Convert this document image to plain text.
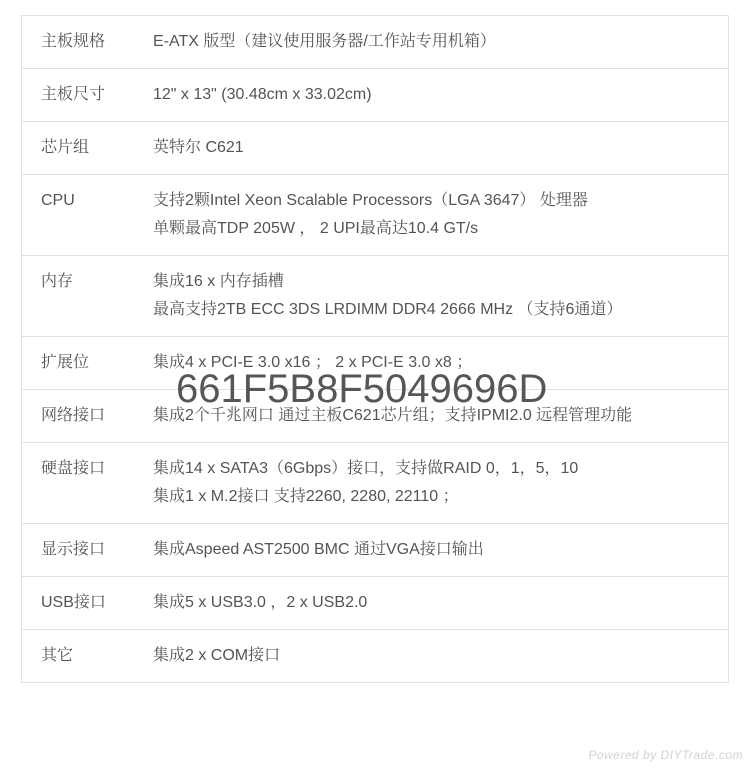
主板规格	E-ATX 版型（建议使用服务器/工作站专用机箱）
主板尺寸	12" x 13" (30.48cm x 33.02cm)
芯片组	英特尔 C621
CPU	支持2颗Intel Xeon Scalable Processors（LGA 3647） 处理器
单颗最高TDP 205W ， 2 UPI最高达10.4 GT/s
内存	集成16 x 内存插槽
最高支持2TB ECC 3DS LRDIMM DDR4 2666 MHz （支持6通道）
扩展位	集成4 x PCI-E 3.0 x16 ； 2 x PCI-E 3.0 x8 ；
网络接口	集成2个千兆网口 通过主板C621芯片组；支持IPMI2.0 远程管理功能
硬盘接口	集成14 x SATA3（6Gbps）接口，支持做RAID 0，1，5，10
集成1 x M.2接口 支持2260, 2280, 22110 ；
显示接口	集成Aspeed AST2500 BMC 通过VGA接口输出
USB接口	集成5 x USB3.0 ，2 x USB2.0
其它	集成2 x COM接口
661F5B8F5049696D
Powered by DIYTrade.com
